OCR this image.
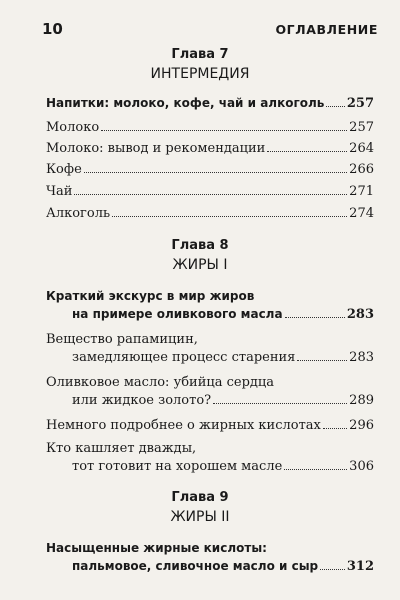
10	ОГЛАВЛЕНИЕ
Глава 7
ИНТЕРМЕДИЯ
Напитки: молоко, кофе, чай и алкоголь 257
Молоко	257
Молоко: вывод и рекомендации	264
Кофе	266
Чай	271
Алкоголь	274
Глава 8
ЖИРЫ I
Краткий экскурс в мир жиров
на примере оливкового масла	283
Вещество рапамицин,
замедляющее процесс старения	283
Оливковое масло: убийца сердца
или жидкое золото?	289
Немного подробнее о жирных кислотах 296
Кто кашляет дважды,
тот готовит на хорошем масле	306
Глава 9
ЖИРЫ II
Насыщенные жирные кислоты:
пальмовое, сливочное масло и сыр 312
